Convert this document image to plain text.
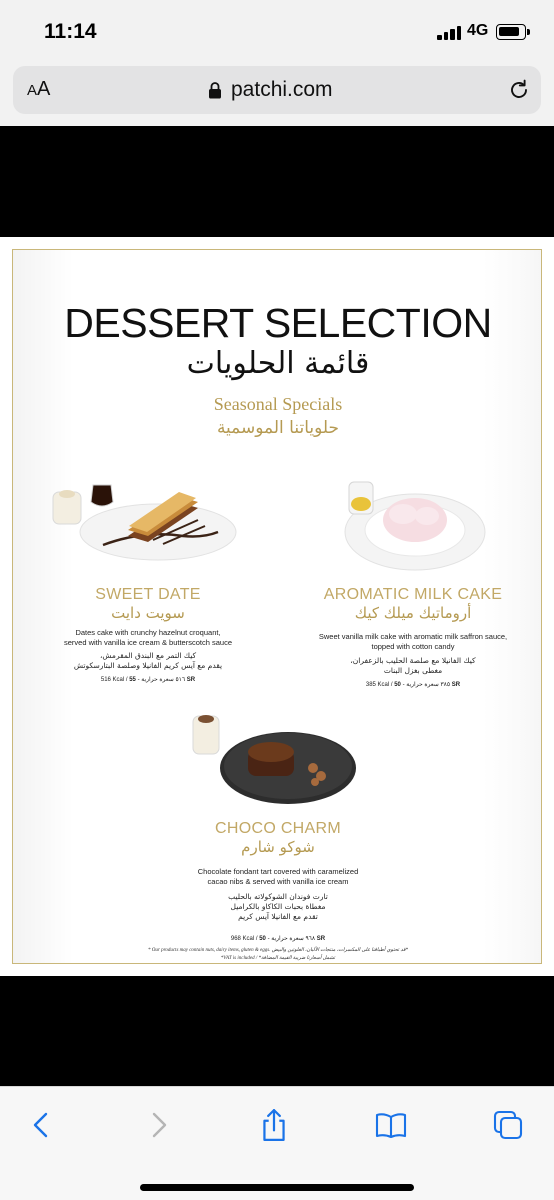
11:14	4G
AA	patchi.com
DESSERT SELECTION
قائمة الحلويات
Seasonal Specials
حلوياتنا الموسمية
SWEET DATE
سويت دايت
Dates cake with crunchy hazelnut croquant,
served with vanilla ice cream & butterscotch sauce
كيك التمر مع البندق المقرمش،
يقدم مع آيس كريم الفانيلا وصلصة البتارسكوتش
516 Kcal / ٥١٦ سعرة حرارية - 55 SR
AROMATIC MILK CAKE
أروماتيك ميلك كيك
Sweet vanilla milk cake with aromatic milk saffron sauce,
topped with cotton candy
كيك الفانيلا مع صلصة الحليب بالزعفران،
مغطى بغزل البنات
385 Kcal / ٣٨٥ سعرة حرارية - 50 SR
CHOCO CHARM
شوكو شارم
Chocolate fondant tart covered with caramelized
cacao nibs & served with vanilla ice cream
تارت فوندان الشوكولاته بالحليب
مغطاة بحبات الكاكاو بالكراميل
تقدم مع الفانيلا آيس كريم
968 Kcal / ٩٦٨ سعرة حرارية - 50 SR
* Our products may contain nuts, dairy items, gluten & eggs. قد تحتوي أطباقنا على المكسرات، منتجات الألبان، الغلوتين والبيض*
*VAT is included / *تشمل أسعارنا ضريبة القيمة المضافة
